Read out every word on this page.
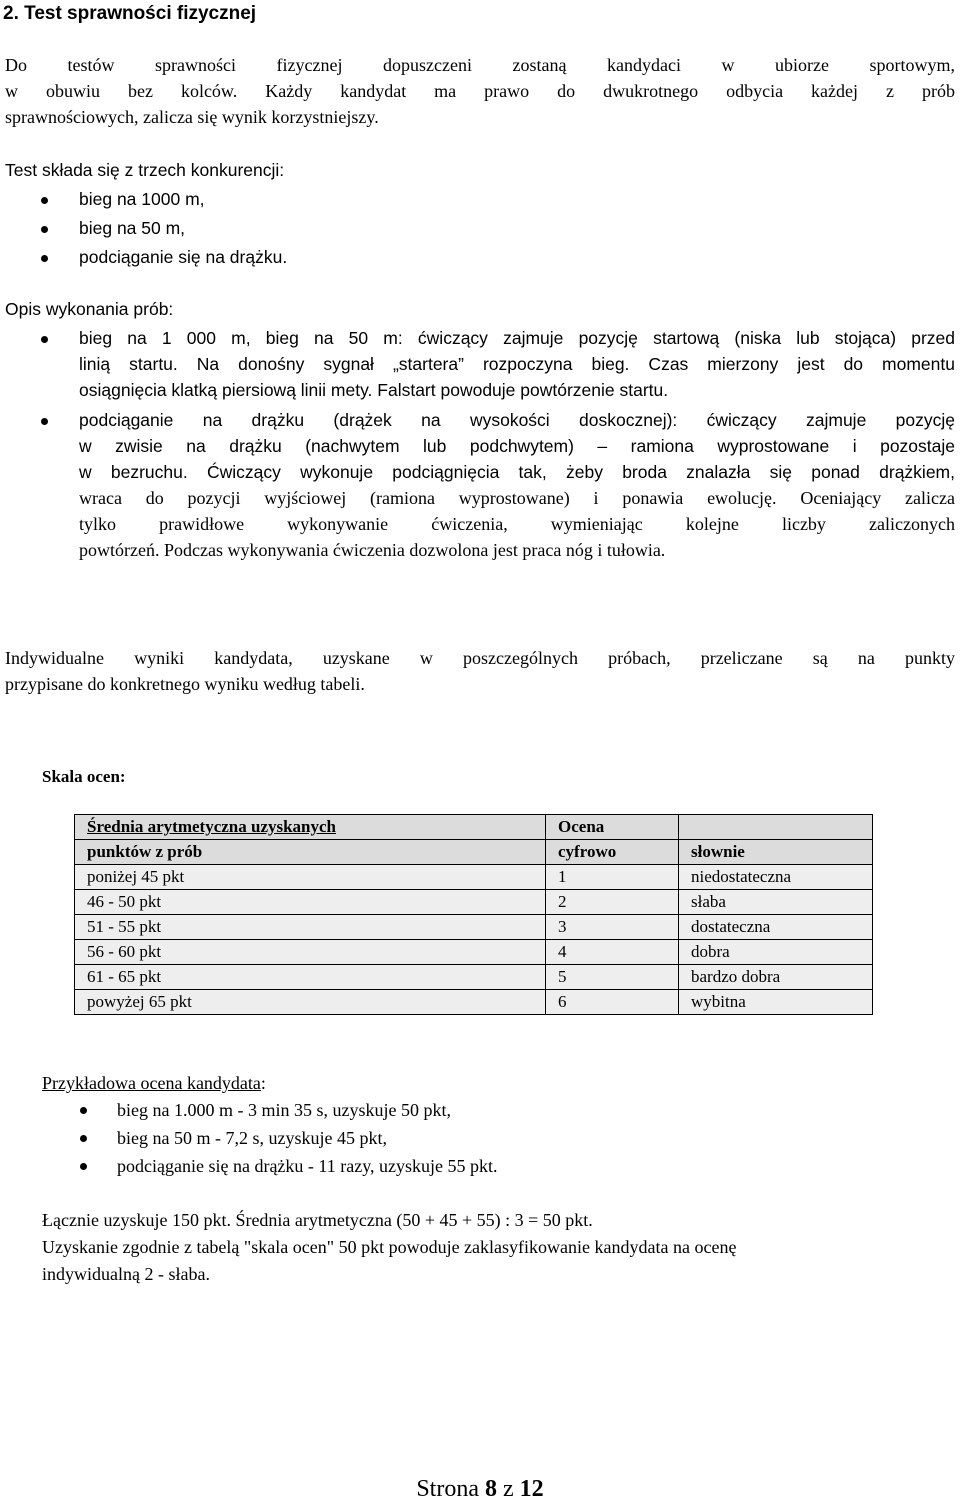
2. Test sprawności fizycznej
Do testów sprawności fizycznej dopuszczeni zostaną kandydaci w ubiorze sportowym,
w obuwiu bez kolców. Każdy kandydat ma prawo do dwukrotnego odbycia każdej z prób
sprawnościowych, zalicza się wynik korzystniejszy.
Test składa się z trzech konkurencji:
bieg na 1000 m,
bieg na 50 m,
podciąganie się na drążku.
Opis wykonania prób:
bieg na 1 000 m, bieg na 50 m: ćwiczący zajmuje pozycję startową (niska lub stojąca) przed
linią startu. Na donośny sygnał „startera” rozpoczyna bieg. Czas mierzony jest do momentu
osiągnięcia klatką piersiową linii mety. Falstart powoduje powtórzenie startu.
podciąganie na drążku (drążek na wysokości doskocznej): ćwiczący zajmuje pozycję
w zwisie na drążku (nachwytem lub podchwytem) – ramiona wyprostowane i pozostaje
w bezruchu. Ćwiczący wykonuje podciągnięcia tak, żeby broda znalazła się ponad drążkiem,
wraca do pozycji wyjściowej (ramiona wyprostowane) i ponawia ewolucję. Oceniający zalicza
tylko prawidłowe wykonywanie ćwiczenia, wymieniając kolejne liczby zaliczonych
powtórzeń. Podczas wykonywania ćwiczenia dozwolona jest praca nóg i tułowia.
Indywidualne wyniki kandydata, uzyskane w poszczególnych próbach, przeliczane są na punkty
przypisane do konkretnego wyniku według tabeli.
Skala ocen:
Średnia arytmetyczna uzyskanych	Ocena	
punktów z prób	cyfrowo	słownie
poniżej 45 pkt	1	niedostateczna
46 - 50 pkt	2	słaba
51 - 55 pkt	3	dostateczna
56 - 60 pkt	4	dobra
61 - 65 pkt	5	bardzo dobra
powyżej 65 pkt	6	wybitna
Przykładowa ocena kandydata:
bieg na 1.000 m - 3 min 35 s, uzyskuje 50 pkt,
bieg na 50 m - 7,2 s, uzyskuje 45 pkt,
podciąganie się na drążku - 11 razy, uzyskuje 55 pkt.
Łącznie uzyskuje 150 pkt. Średnia arytmetyczna (50 + 45 + 55) : 3 = 50 pkt.
Uzyskanie zgodnie z tabelą "skala ocen" 50 pkt powoduje zaklasyfikowanie kandydata na ocenę
indywidualną 2 - słaba.
Strona 8 z 12
